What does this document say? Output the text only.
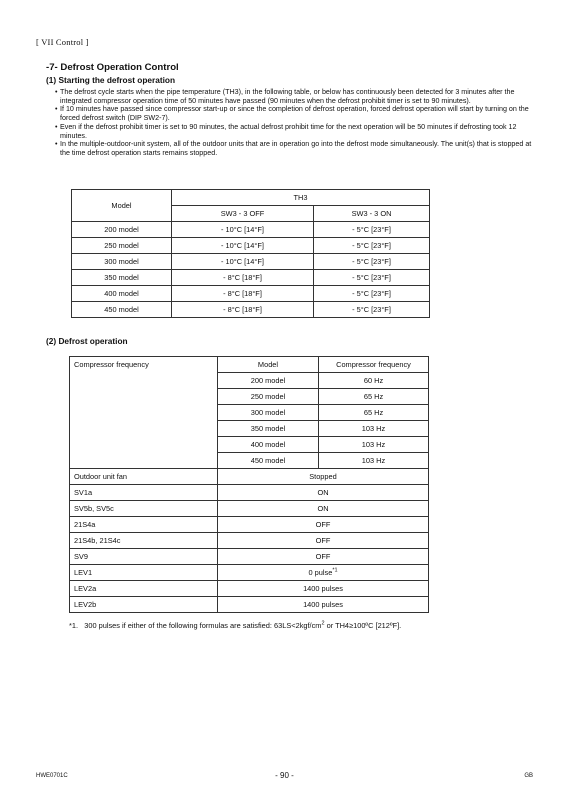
[ VII Control ]
-7- Defrost Operation Control
(1) Starting the defrost operation
• The defrost cycle starts when the pipe temperature (TH3), in the following table, or below has continuously been detected for 3 minutes after the integrated compressor operation time of 50 minutes have passed (90 minutes when the defrost prohibit timer is set to 90 minutes).
• If 10 minutes have passed since compressor start-up or since the completion of defrost operation, forced defrost operation will start by turning on the forced defrost switch (DIP SW2-7).
• Even if the defrost prohibit timer is set to 90 minutes, the actual defrost prohibit time for the next operation will be 50 minutes if defrosting took 12 minutes.
• In the multiple-outdoor-unit system, all of the outdoor units that are in operation go into the defrost mode simultaneously. The unit(s) that is stopped at the time defrost operation starts remains stopped.
Model	TH3	
	SW3 - 3 OFF	SW3 - 3 ON
200 model	- 10°C [14°F]	- 5°C [23°F]
250 model	- 10°C [14°F]	- 5°C [23°F]
300 model	- 10°C [14°F]	- 5°C [23°F]
350 model	- 8°C [18°F]	- 5°C [23°F]
400 model	- 8°C [18°F]	- 5°C [23°F]
450 model	- 8°C [18°F]	- 5°C [23°F]
(2) Defrost operation
Compressor frequency	Model	Compressor frequency
	200 model	60 Hz
	250 model	65 Hz
	300 model	65 Hz
	350 model	103 Hz
	400 model	103 Hz
	450 model	103 Hz
Outdoor unit fan	Stopped	
SV1a	ON	
SV5b, SV5c	ON	
21S4a	OFF	
21S4b, 21S4c	OFF	
SV9	OFF	
LEV1	0 pulse$^{*1}$
LEV2a	1400 pulses	
LEV2b	1400 pulses	
*1. 300 pulses if either of the following formulas are satisfied: $63LS<2kgf/cm^2$ or TH4≥100ºC [212ºF].
HWE0701C	- 90 -	GB
